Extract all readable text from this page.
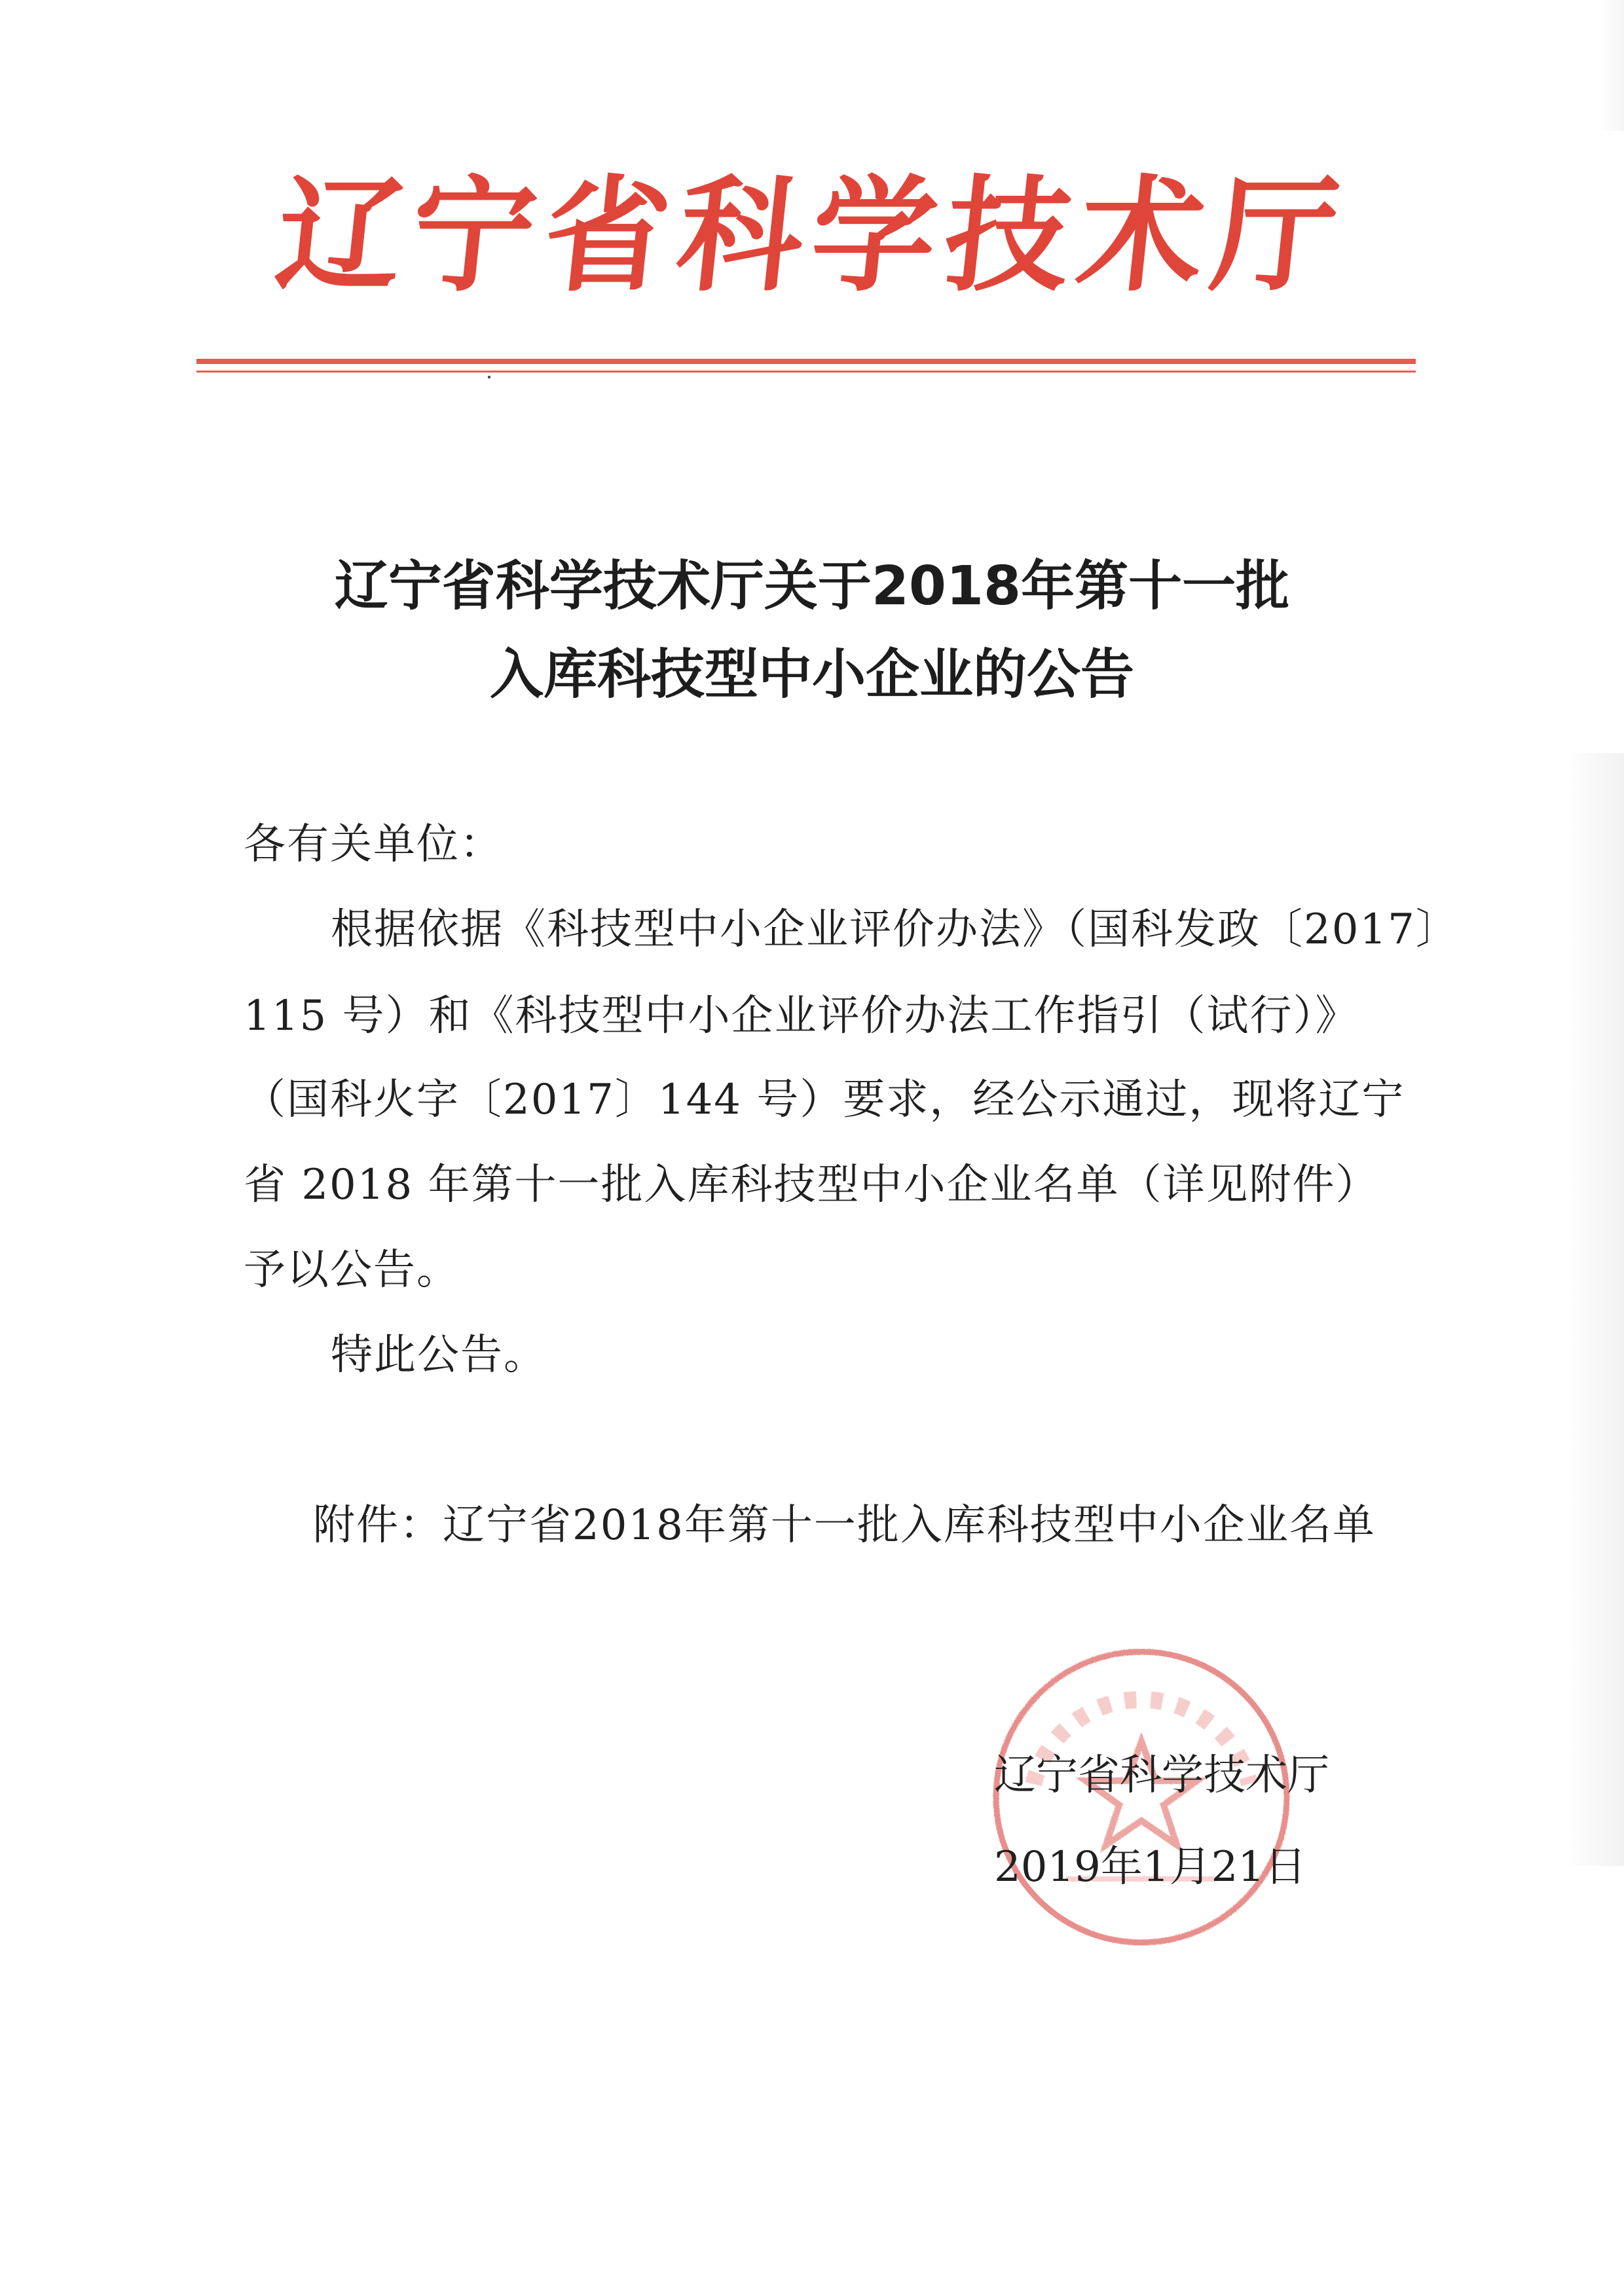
辽宁省科学技术厅
辽宁省科学技术厅关于2018年第十一批
入库科技型中小企业的公告
各有关单位：
根据依据《科技型中小企业评价办法》（国科发政〔2017〕
115 号）和《科技型中小企业评价办法工作指引（试行）》
（国科火字〔2017〕144 号）要求，经公示通过，现将辽宁
省 2018 年第十一批入库科技型中小企业名单（详见附件）
予以公告。
特此公告。
附件：辽宁省2018年第十一批入库科技型中小企业名单
辽宁省科学技术厅
2019年1月21日
